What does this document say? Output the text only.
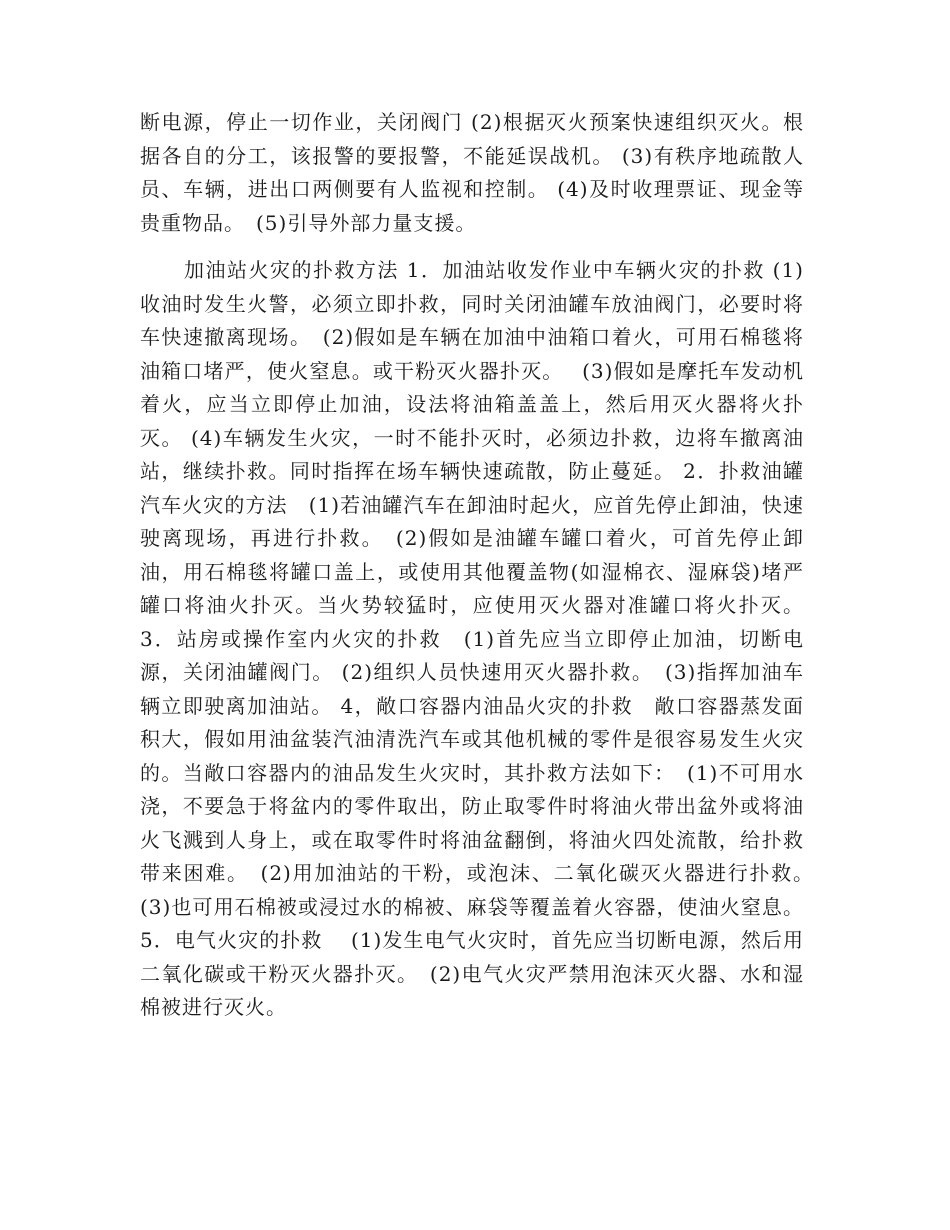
断电源，停止一切作业，关闭阀门 (2)根据灭火预案快速组织灭火。根据各自的分工，该报警的要报警，不能延误战机。 (3)有秩序地疏散人员、车辆，进出口两侧要有人监视和控制。 (4)及时收理票证、现金等贵重物品。　(5)引导外部力量支援。

加油站火灾的扑救方法 1．加油站收发作业中车辆火灾的扑救 (1)收油时发生火警，必须立即扑救，同时关闭油罐车放油阀门，必要时将车快速撤离现场。　(2)假如是车辆在加油中油箱口着火，可用石棉毯将油箱口堵严，使火窒息。或干粉灭火器扑灭。　 (3)假如是摩托车发动机着火，应当立即停止加油，设法将油箱盖盖上，然后用灭火器将火扑灭。 (4)车辆发生火灾，一时不能扑灭时，必须边扑救，边将车撤离油站，继续扑救。同时指挥在场车辆快速疏散，防止蔓延。 2．扑救油罐汽车火灾的方法　(1)若油罐汽车在卸油时起火，应首先停止卸油，快速驶离现场，再进行扑救。　(2)假如是油罐车罐口着火，可首先停止卸油，用石棉毯将罐口盖上，或使用其他覆盖物(如湿棉衣、湿麻袋)堵严罐口将油火扑灭。当火势较猛时，应使用灭火器对准罐口将火扑灭。 3．站房或操作室内火灾的扑救　(1)首先应当立即停止加油，切断电源，关闭油罐阀门。 (2)组织人员快速用灭火器扑救。　(3)指挥加油车辆立即驶离加油站。 4，敞口容器内油品火灾的扑救　敞口容器蒸发面积大，假如用油盆装汽油清洗汽车或其他机械的零件是很容易发生火灾的。当敞口容器内的油品发生火灾时，其扑救方法如下：　(1)不可用水浇，不要急于将盆内的零件取出，防止取零件时将油火带出盆外或将油火飞溅到人身上，或在取零件时将油盆翻倒，将油火四处流散，给扑救带来困难。　(2)用加油站的干粉，或泡沫、二氧化碳灭火器进行扑救。　(3)也可用石棉被或浸过水的棉被、麻袋等覆盖着火容器，使油火窒息。 5．电气火灾的扑救　 (1)发生电气火灾时，首先应当切断电源，然后用二氧化碳或干粉灭火器扑灭。　(2)电气火灾严禁用泡沫灭火器、水和湿棉被进行灭火。
